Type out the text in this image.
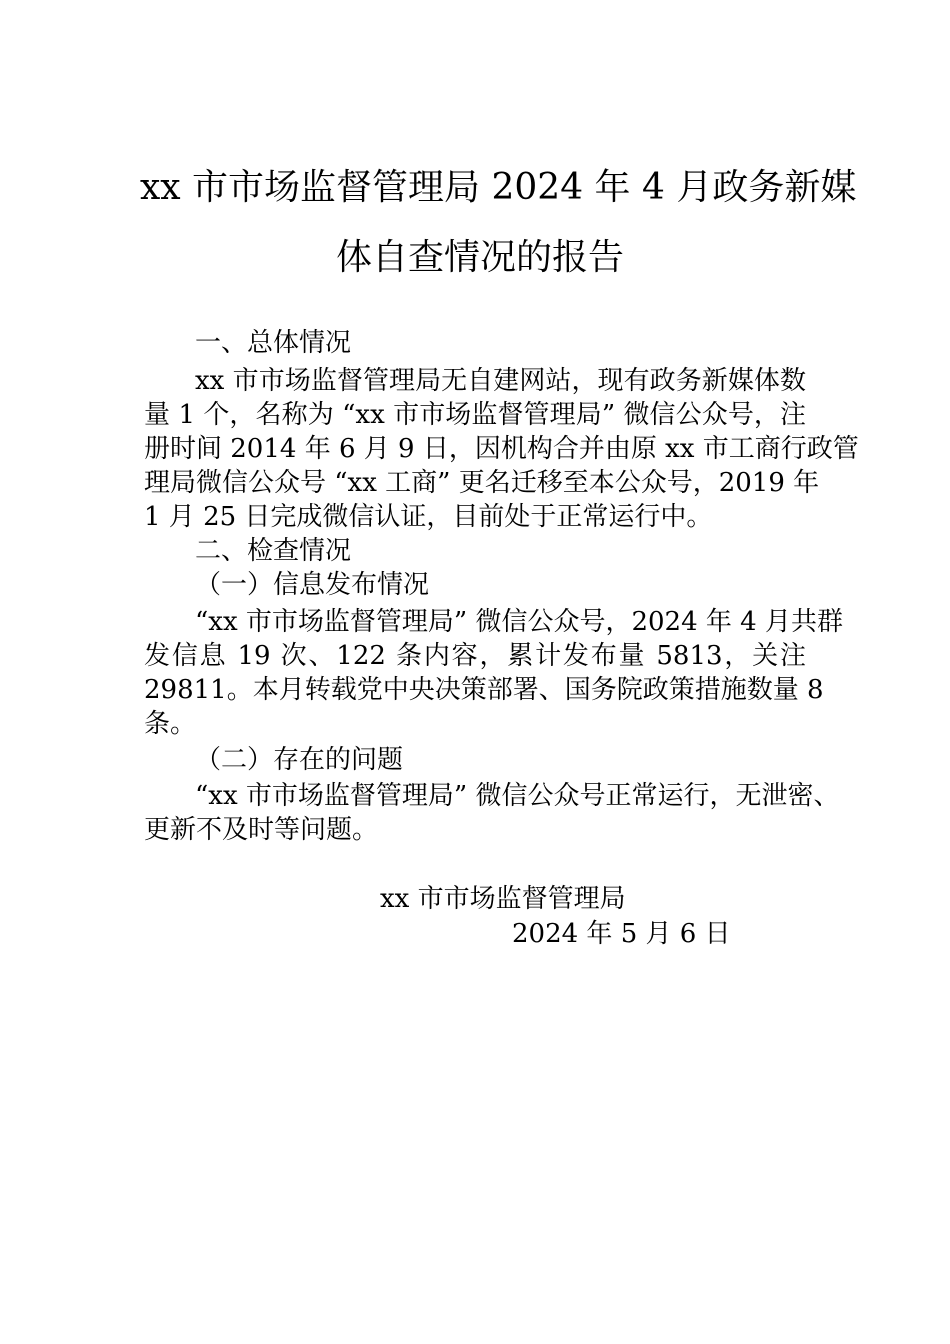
xx 市市场监督管理局 2024 年 4 月政务新媒
体自查情况的报告

一、总体情况

xx 市市场监督管理局无自建网站，现有政务新媒体数

量 1 个，名称为 “xx 市市场监督管理局” 微信公众号，注

册时间 2014 年 6 月 9 日，因机构合并由原 xx 市工商行政管

理局微信公众号 “xx 工商” 更名迁移至本公众号，2019 年

1 月 25 日完成微信认证，目前处于正常运行中。

二、检查情况

（一）信息发布情况

“xx 市市场监督管理局” 微信公众号，2024 年 4 月共群

发信息 19 次、122 条内容，累计发布量 5813，关注

29811。本月转载党中央决策部署、国务院政策措施数量 8

条。

（二）存在的问题

“xx 市市场监督管理局” 微信公众号正常运行，无泄密、

更新不及时等问题。

xx 市市场监督管理局

2024 年 5 月 6 日
